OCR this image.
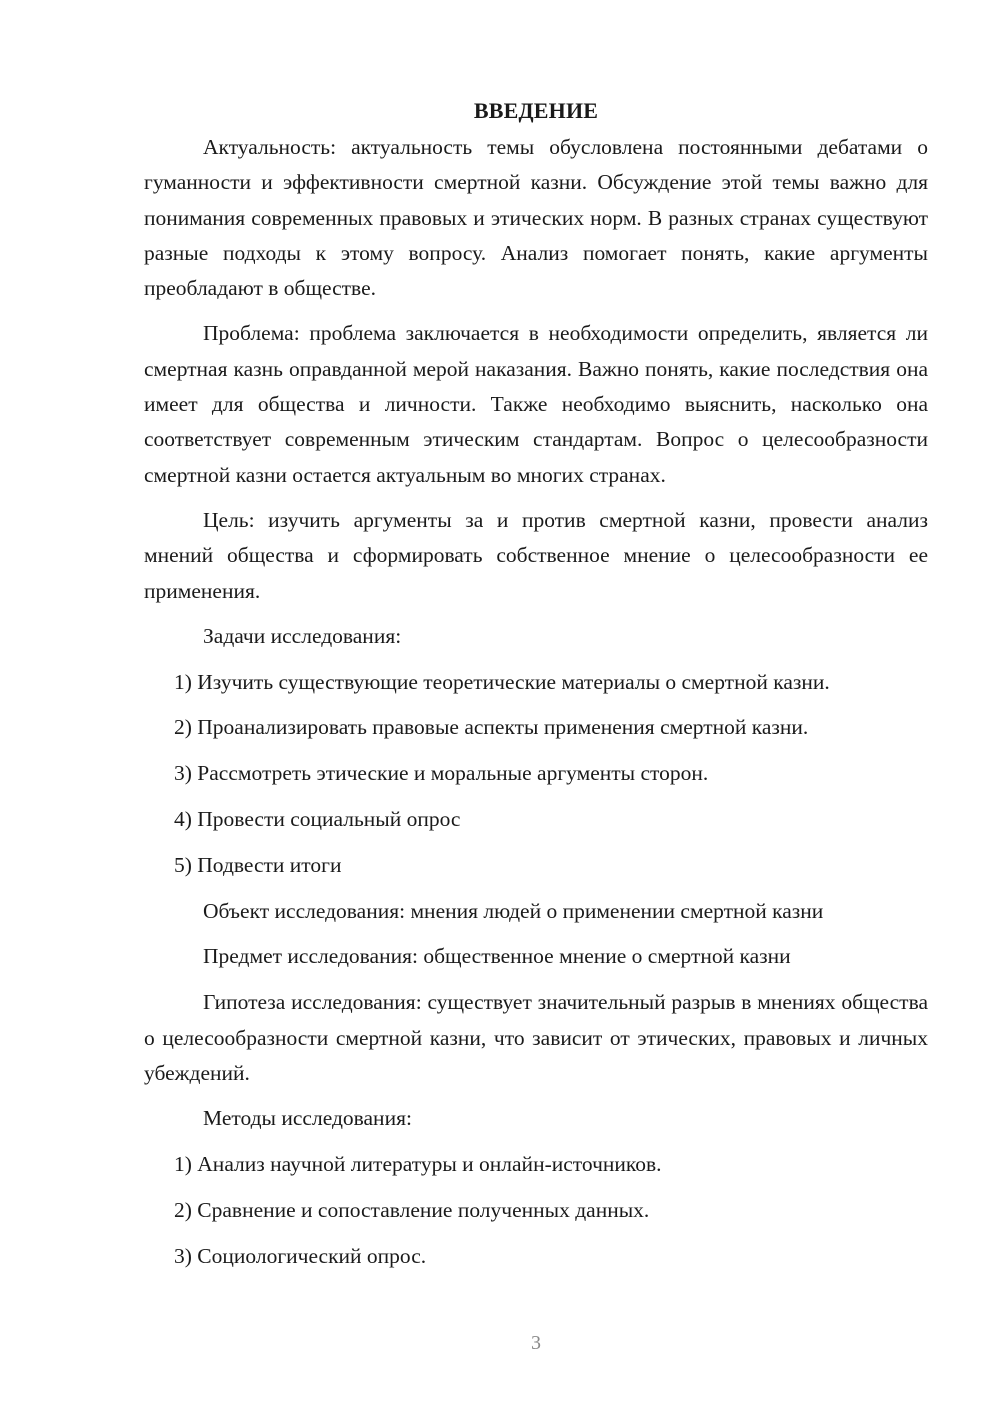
ВВЕДЕНИЕ

Актуальность: актуальность темы обусловлена постоянными дебатами о гуманности и эффективности смертной казни. Обсуждение этой темы важно для понимания современных правовых и этических норм. В разных странах существуют разные подходы к этому вопросу. Анализ помогает понять, какие аргументы преобладают в обществе.

Проблема: проблема заключается в необходимости определить, является ли смертная казнь оправданной мерой наказания. Важно понять, какие последствия она имеет для общества и личности. Также необходимо выяснить, насколько она соответствует современным этическим стандартам. Вопрос о целесообразности смертной казни остается актуальным во многих странах.

Цель: изучить аргументы за и против смертной казни, провести анализ мнений общества и сформировать собственное мнение о целесообразности ее применения.

Задачи исследования:
1) Изучить существующие теоретические материалы о смертной казни.
2) Проанализировать правовые аспекты применения смертной казни.
3) Рассмотреть этические и моральные аргументы сторон.
4) Провести социальный опрос
5) Подвести итоги
Объект исследования: мнения людей о применении смертной казни
Предмет исследования: общественное мнение о смертной казни

Гипотеза исследования: существует значительный разрыв в мнениях общества о целесообразности смертной казни, что зависит от этических, правовых и личных убеждений.

Методы исследования:
1) Анализ научной литературы и онлайн-источников.
2) Сравнение и сопоставление полученных данных.
3) Социологический опрос.
3
